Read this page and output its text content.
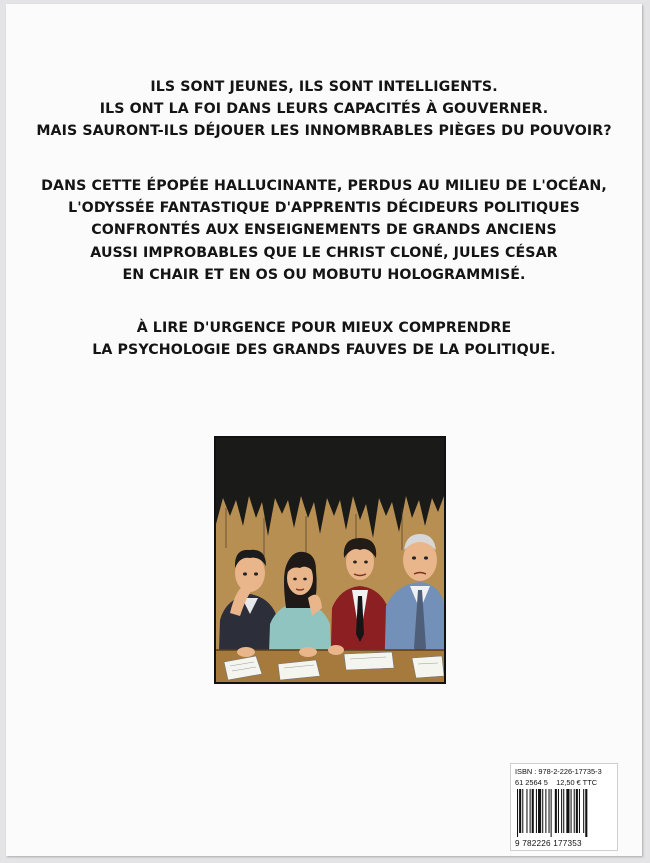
ILS SONT JEUNES, ILS SONT INTELLIGENTS.
ILS ONT LA FOI DANS LEURS CAPACITÉS À GOUVERNER.
MAIS SAURONT-ILS DÉJOUER LES INNOMBRABLES PIÈGES DU POUVOIR?
DANS CETTE ÉPOPÉE HALLUCINANTE, PERDUS AU MILIEU DE L'OCÉAN,
L'ODYSSÉE FANTASTIQUE D'APPRENTIS DÉCIDEURS POLITIQUES
CONFRONTÉS AUX ENSEIGNEMENTS DE GRANDS ANCIENS
AUSSI IMPROBABLES QUE LE CHRIST CLONÉ, JULES CÉSAR
EN CHAIR ET EN OS OU MOBUTU HOLOGRAMMISÉ.
À LIRE D'URGENCE POUR MIEUX COMPRENDRE
LA PSYCHOLOGIE DES GRANDS FAUVES DE LA POLITIQUE.
ISBN : 978-2-226-17735-3
61 2564 5 12,50 € TTC
9 782226 177353
